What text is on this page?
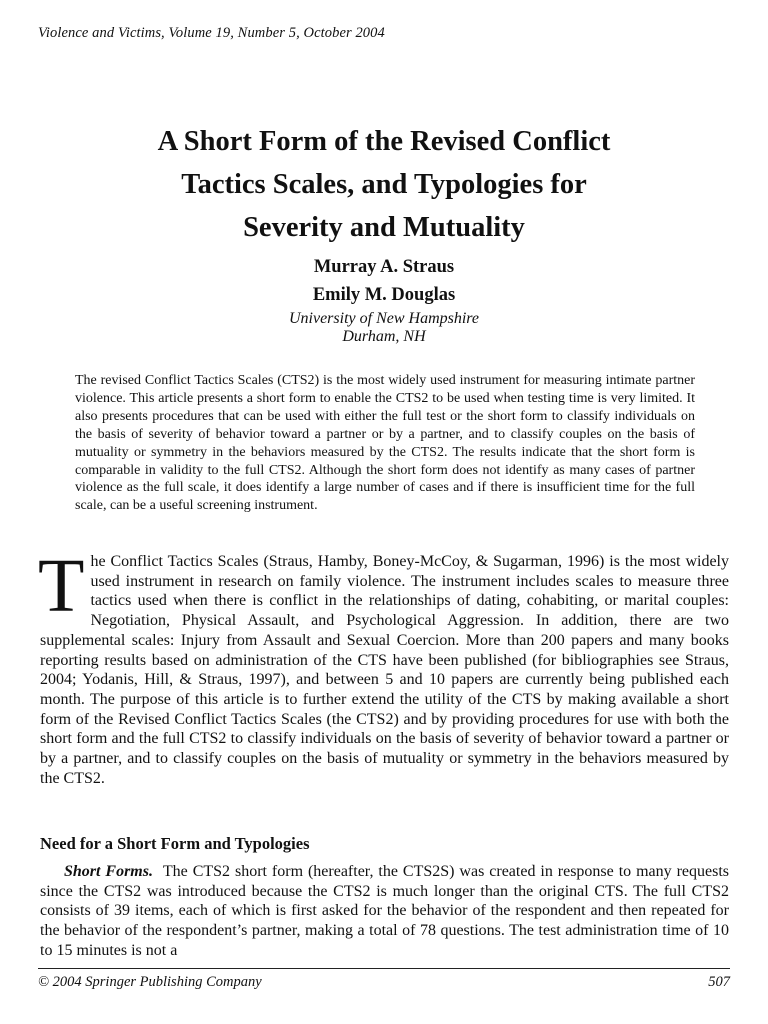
Violence and Victims, Volume 19, Number 5, October 2004
A Short Form of the Revised Conflict
Tactics Scales, and Typologies for
Severity and Mutuality
Murray A. Straus
Emily M. Douglas
University of New Hampshire
Durham, NH

The revised Conflict Tactics Scales (CTS2) is the most widely used instrument for measuring intimate partner violence. This article presents a short form to enable the CTS2 to be used when testing time is very limited. It also presents procedures that can be used with either the full test or the short form to classify individuals on the basis of severity of behavior toward a partner or by a partner, and to classify couples on the basis of mutuality or symmetry in the behaviors measured by the CTS2. The results indicate that the short form is comparable in validity to the full CTS2. Although the short form does not identify as many cases of partner violence as the full scale, it does identify a large number of cases and if there is insufficient time for the full scale, can be a useful screening instrument.

The Conflict Tactics Scales (Straus, Hamby, Boney-McCoy, & Sugarman, 1996) is the most widely used instrument in research on family violence. The instrument includes scales to measure three tactics used when there is conflict in the relationships of dating, cohabiting, or marital couples: Negotiation, Physical Assault, and Psychological Aggression. In addition, there are two supplemental scales: Injury from Assault and Sexual Coercion. More than 200 papers and many books reporting results based on administration of the CTS have been published (for bibliographies see Straus, 2004; Yodanis, Hill, & Straus, 1997), and between 5 and 10 papers are currently being published each month. The purpose of this article is to further extend the utility of the CTS by making available a short form of the Revised Conflict Tactics Scales (the CTS2) and by providing procedures for use with both the short form and the full CTS2 to classify individuals on the basis of severity of behavior toward a partner or by a partner, and to classify couples on the basis of mutuality or symmetry in the behaviors measured by the CTS2.
Need for a Short Form and Typologies

Short Forms. The CTS2 short form (hereafter, the CTS2S) was created in response to many requests since the CTS2 was introduced because the CTS2 is much longer than the original CTS. The full CTS2 consists of 39 items, each of which is first asked for the behavior of the respondent and then repeated for the behavior of the respondent’s partner, making a total of 78 questions. The test administration time of 10 to 15 minutes is not a

© 2004 Springer Publishing Company	507
